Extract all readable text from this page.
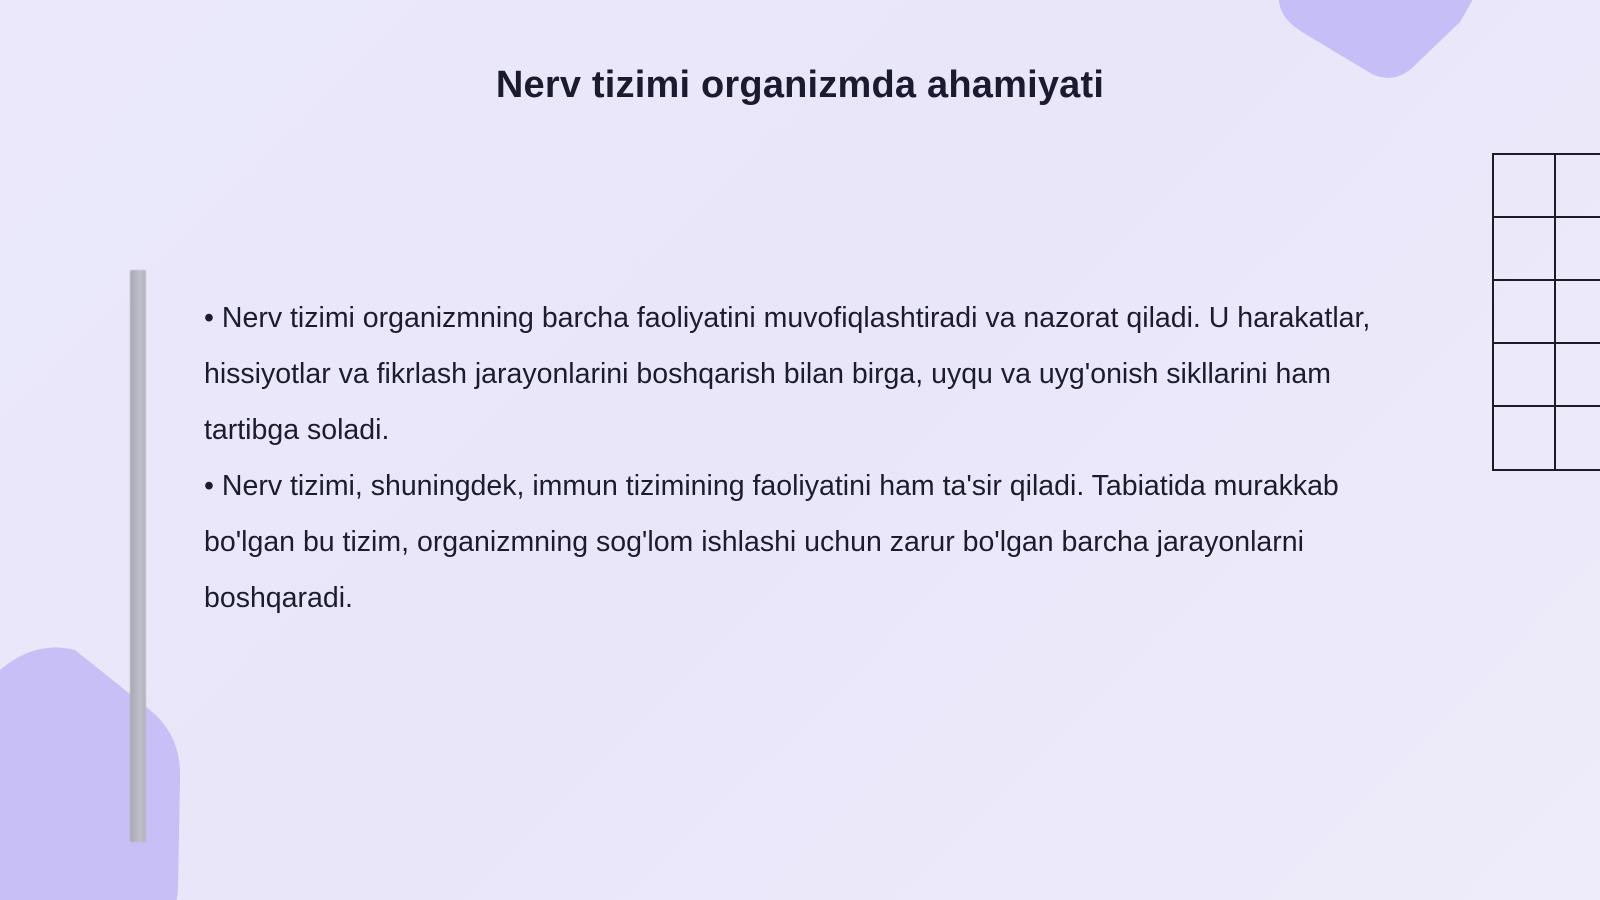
Nerv tizimi organizmda ahamiyati
• Nerv tizimi organizmning barcha faoliyatini muvofiqlashtiradi va nazorat qiladi. U harakatlar, hissiyotlar va fikrlash jarayonlarini boshqarish bilan birga, uyqu va uyg'onish sikllarini ham tartibga soladi.
• Nerv tizimi, shuningdek, immun tizimining faoliyatini ham ta'sir qiladi. Tabiatida murakkab bo'lgan bu tizim, organizmning sog'lom ishlashi uchun zarur bo'lgan barcha jarayonlarni boshqaradi.
